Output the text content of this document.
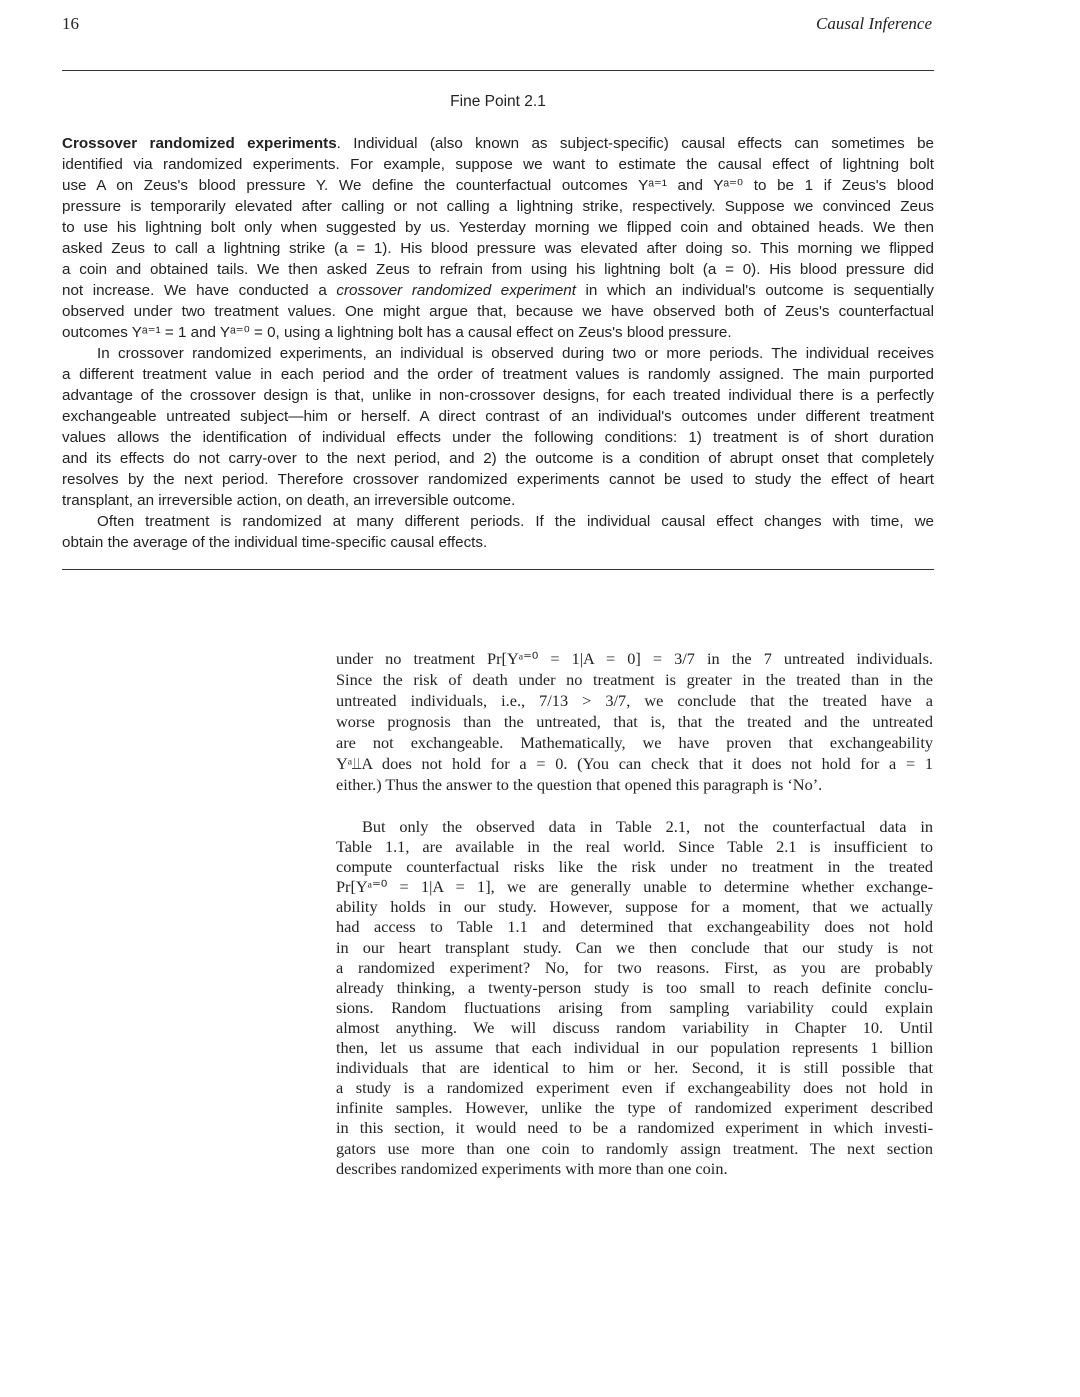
16	Causal Inference
Fine Point 2.1
Crossover randomized experiments. Individual (also known as subject-specific) causal effects can sometimes be
identified via randomized experiments. For example, suppose we want to estimate the causal effect of lightning bolt
use A on Zeus's blood pressure Y. We define the counterfactual outcomes Yᵃ⁼¹ and Yᵃ⁼⁰ to be 1 if Zeus's blood
pressure is temporarily elevated after calling or not calling a lightning strike, respectively. Suppose we convinced Zeus
to use his lightning bolt only when suggested by us. Yesterday morning we flipped coin and obtained heads. We then
asked Zeus to call a lightning strike (a = 1). His blood pressure was elevated after doing so. This morning we flipped
a coin and obtained tails. We then asked Zeus to refrain from using his lightning bolt (a = 0). His blood pressure did
not increase. We have conducted a crossover randomized experiment in which an individual's outcome is sequentially
observed under two treatment values. One might argue that, because we have observed both of Zeus's counterfactual
outcomes Yᵃ⁼¹ = 1 and Yᵃ⁼⁰ = 0, using a lightning bolt has a causal effect on Zeus's blood pressure.
In crossover randomized experiments, an individual is observed during two or more periods. The individual receives
a different treatment value in each period and the order of treatment values is randomly assigned. The main purported
advantage of the crossover design is that, unlike in non-crossover designs, for each treated individual there is a perfectly
exchangeable untreated subject—him or herself. A direct contrast of an individual's outcomes under different treatment
values allows the identification of individual effects under the following conditions: 1) treatment is of short duration
and its effects do not carry-over to the next period, and 2) the outcome is a condition of abrupt onset that completely
resolves by the next period. Therefore crossover randomized experiments cannot be used to study the effect of heart
transplant, an irreversible action, on death, an irreversible outcome.
Often treatment is randomized at many different periods. If the individual causal effect changes with time, we
obtain the average of the individual time-specific causal effects.
under no treatment Pr[Yᵃ⁼⁰ = 1|A = 0] = 3/7 in the 7 untreated individuals.
Since the risk of death under no treatment is greater in the treated than in the
untreated individuals, i.e., 7/13 > 3/7, we conclude that the treated have a
worse prognosis than the untreated, that is, that the treated and the untreated
are not exchangeable. Mathematically, we have proven that exchangeability
Yᵃ⫫A does not hold for a = 0. (You can check that it does not hold for a = 1
either.) Thus the answer to the question that opened this paragraph is ‘No’.
But only the observed data in Table 2.1, not the counterfactual data in
Table 1.1, are available in the real world. Since Table 2.1 is insufficient to
compute counterfactual risks like the risk under no treatment in the treated
Pr[Yᵃ⁼⁰ = 1|A = 1], we are generally unable to determine whether exchange-
ability holds in our study. However, suppose for a moment, that we actually
had access to Table 1.1 and determined that exchangeability does not hold
in our heart transplant study. Can we then conclude that our study is not
a randomized experiment? No, for two reasons. First, as you are probably
already thinking, a twenty-person study is too small to reach definite conclu-
sions. Random fluctuations arising from sampling variability could explain
almost anything. We will discuss random variability in Chapter 10. Until
then, let us assume that each individual in our population represents 1 billion
individuals that are identical to him or her. Second, it is still possible that
a study is a randomized experiment even if exchangeability does not hold in
infinite samples. However, unlike the type of randomized experiment described
in this section, it would need to be a randomized experiment in which investi-
gators use more than one coin to randomly assign treatment. The next section
describes randomized experiments with more than one coin.
